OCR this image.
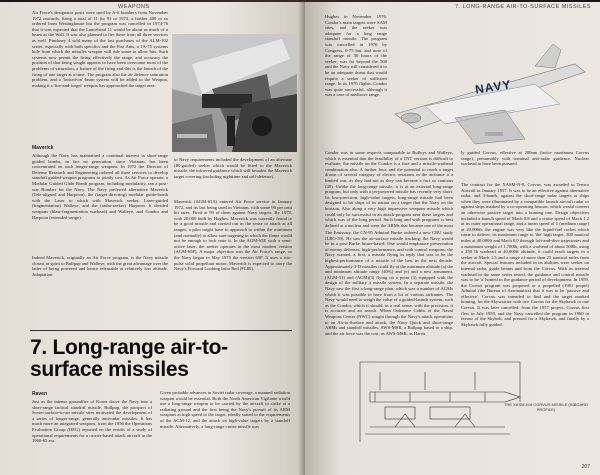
WEAPONS
Air Force's designator posts were used by A-6 bombers from November 1972 onwards, firing a total of 11 (to 91 or 1973, a further 400 or so ordered from Westinghouse but the program was cancelled in 1974-76 that it was expected that the Lancehead 11 would be about as much of a beam as the Wall. It was also planned to fire these from all three services as well. Pinckney 4 sold many of the last purchases of the ALM-102 series, especially with both specifics and the Fire Ants, a 1A-75 systems hole from which the missiles weapon will ride some to allow hits. Such systems now permit the firing effectively the range, and accuracy the position of that being sought appears to have been overcome most of the problems of saturation, a fixture of the firing and this is the launch of the firing of one target at a time. The program also the air defence saturation problem, and a 'locked-on' beam system will be added to the Weapon, making it a 'fire-and-forget' weapon has approached the target area.
Maverick
Although the Navy has maintained a continual interest in short-range guided bombs, in fact no generation, since Vietnam, has been concentrated on such longer-range weapons. In 1972 the Director of Defense Research and Engineering ordered all three services to develop standoff guided-weapon programs to jointly cost. As Air Force operate, a Modular Guided Glide Bomb program, including modularity, ran a post-war Bomber for the Navy. The Navy preferred alternative Maverick (Tele-aligned and Harpoon), the (target-directing) modular guide-bomb with the Laser to which with Maverick seeker, Laser-guided (fragmentation) Walleye, and the (radar-seeker) Harpoon. It divided weapons (blast-fragmentation warhead) and Walleye, and Condor and Harpoon (extended-range).
Indeed Maverick, originally an Air Force program, is the Navy missile closest in spirit to Bullpup and Walleye, with the great advantage over the latter of being powered and hence releasable at relatively low altitude. Adaptation
to Navy requirements included the development of an alternate (IR-guided) seeker which would be fitted to the Maverick missile, the infra-red guidance which will broaden the Maverick target covering (including nighttime and self-defense).
Maverick (AGM-65A) entered Air Force service in January 1972, and its last being used in Vietnam, with some 90 per cent hit rates. Fired at 99 of them against Navy targets. By 1978, with 20,000 built by Hughes, Maverick was currently found to be a good missile and carried out in the sense to attack at all ranges, a pilot might have to approach to within the minimum (and normally) to allow sure targeting in which the flame would not be enough to lock onto it. In the AGM-65E with a semi-active laser, the seeker operates in the most modern version (AGM-65F). A major objection was the Air Force's range, so the Navy began in May 1975 the version 65F. It uses a two-pulse solid propellant motor, Maverick is expected to carry the Navy's Forward Looking Infra Red (FLIR).
7. Long-range air-to-surface missiles
Raven
Just as the intense groundfire of Korea drove the Navy into a short-range tactical standoff missile, Bullpup, the prospect of Soviet surface-to-air missile sites motivated the development of a series of longer-range, generally anti-radar missiles. It has much more an integrated weapons, from the 1956 the Operations Evaluation Group (OEG) reported on the results of a study of operational requirements for a carrier-based attack aircraft in the 1960-65 era.
Given probable advances in Soviet radar coverage, a manned radiation weapon would be essential. Both the North American Vigilante would use a long-range weapon to be carried by the aircraft to strike at a radiating ground and the first being the Navy's pursuit of its ARM weapons at high speed to the target, ideally suited to the requirements of the AGM-12, and the attack on high-value targets by a standoff missile. Alternatively, a long-range cruise missile was
7. LONG-RANGE AIR-TO-SURFACE MISSILES
NAVY
Hughes in November 1976. Condor's main targets were SAM sites, and the seeker was adequate for a long range standoff missile. The program was cancelled in 1976 by Congress, 0-75 but, and nose of the range of 30 hours of the seeker, was far beyond the 500 and the Navy still considered it to be an adequate threat that would require a seeker of sufficient range. In its 1976 flights, Condor was quite successful, although it was a case of mediocre range.
Condor was in some respects comparable to Bulloys and Walleye, which is essential that the feasibility of a TNT version is difficult to evaluate; the missile on the Condor is a fuse and a missile-warhead combination also. A further four, and the potential to reach a target drawn of several category of electric aviations in the airframe it a limited war, as they had not as they can become a fact so cautious (40). Unlike the long-range missile, it is at an external long-range program, but only with a jet-powered missile has recently very short. Its low-precision, high-value targets, long-range missile had been designed to hit ships of its nation on a target that the Navy on the horizon, Also along a very high impressive weapons missile which could only be successful in an attack-program near these targets and which was of the long period. Such long and with programs is best defined at a nuclear and were the ARMs that became one of the most
The Emissary, the CN-95 Admiral Burke ordered a new CBU study (LRO-59). He saw the air-surface missile tracking; the Navy would be in a post-Burke future-based. One would emphasize preservation of enemy defenses, high-performance, and with control weapons; the Navy wanted, a first, a missile flying in reply that was to be the highest-performance of a missile of the best in the next decade. Approximately 3-D missiles could fly at the minimum altitude (a) the and minimum altitude range (40%) and (e) and a new armament, (AGM-53) and (ACM)(3) flying on a point (3) equipped with the design of the military a missile system. In a separate missile, the Navy saw the first a long-range plan, which was a number of AGMs which it was possible to have from a lot of various airframes. The Navy would need to weigh the value of a guided-launch system, such as the Condor, which it should, in a real sense, with the precision, it is accurate and air search. When Ordnance Cobbs of the Naval Weapons Center (NWC) sought through the Navy's attack operations to an Air-to-Surface and attack, the Navy Quick and short-range ARMs and standoff missiles, AWS-MSR, a Bullpup based to a ship, and the air force was the cost, as AWS-MSR, as Harris
ly guided Corvus, effective at 200nm (twice maximum Corvus range), presumably with terminal anti-radar guidance. Nuclear warhead to have been pursued.
The contract for the XASM-N-8, Corvus, was awarded to Temco Aircraft in January 1957. It was to be an effective against alternative radar, and 3-bands, against the short-range radar targets at ships when they were illuminated by a compatible launch aircraft radar or against ships marked by a co-operating beacon, which would convert an otherwise passive target into a homing one. Design objectives included a launch speed of Mach 0.8 and a cruise speed of Mach 1.2 at its outer operational range, and a mean speed of 1 (medium range) at 20,000ft; the engine was very like the liquid-fuel rocket which came to deliver, its maximum range to 'the' high target, 300 nautical miles at 40,000ft and Mach 0.9 through loft-and-dive trajectories and a maximum weight of 1,700lb, with a warhead of about 500lb, using a 250 Ib warhead at 40,000ft altitude, it could reach targets in a seeker at Mach 1.5 and a range of more than 25 nautical miles from the aircraft. Special features included in its abilities were seeker on internal radar, guide beams and from the Corvus. With its internal warhead in the same series tested, the guidance and control missile was to be 'a' homed in the guidance period of development. In 1959, the Corvus program was proposed or a propelled (1981 propel) Admiral (the Bureau of Aeronautics) that it was to be 'passive and effective'. Corvus was intended to find and the target marked homing, for the Skywarrior with two Corvus for the Skyhawk or one Corvus. It was later cancelled: from the 1957 project, Corvus first flew in July 1959, and the Navy cancelled the program in 1960 in favour of the Skybolt, and pressed for a Skyhawk, and finally by a Skyhawk fully guided.
THE XASM-N-8 CORVUS MISSILE (INBOARD PROFILE)
207
